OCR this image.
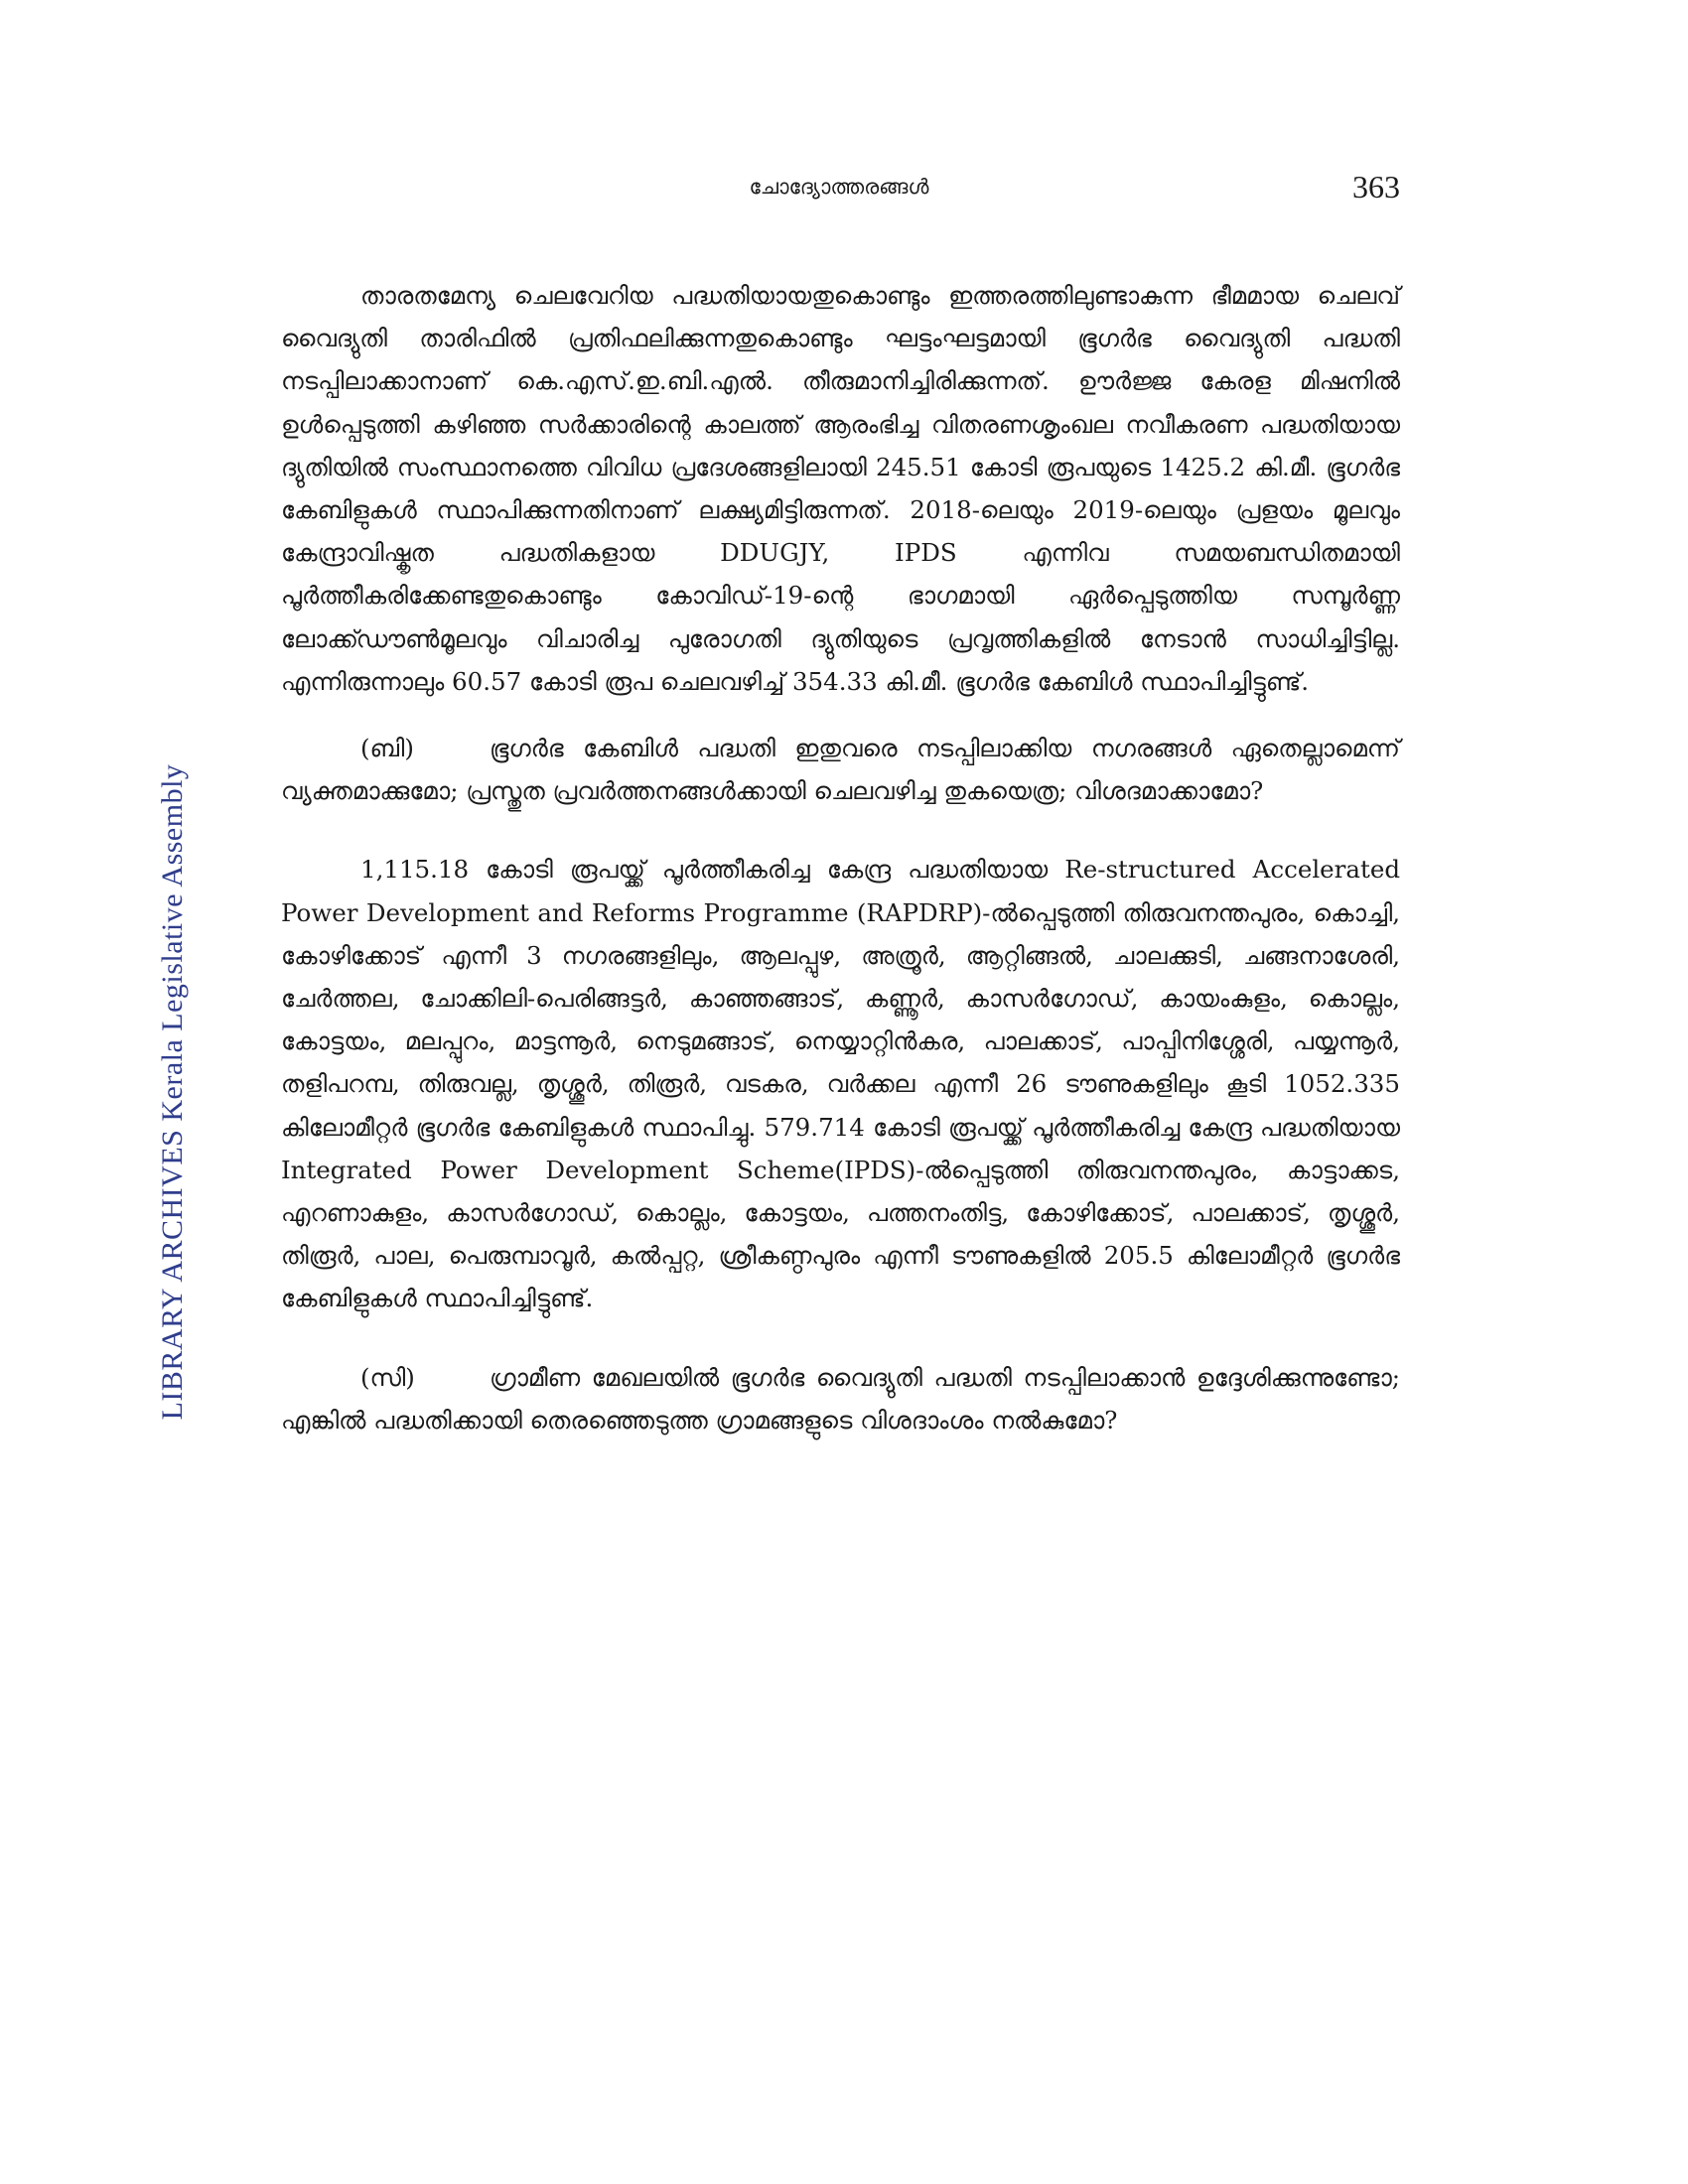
ചോദ്യോത്തരങ്ങൾ	363
LIBRARY ARCHIVES Kerala Legislative Assembly

താരതമേന്യ ചെലവേറിയ പദ്ധതിയായതുകൊണ്ടും ഇത്തരത്തിലുണ്ടാകുന്ന ഭീമമായ ചെലവ് വൈദ്യുതി താരിഫിൽ പ്രതിഫലിക്കുന്നതുകൊണ്ടും ഘട്ടംഘട്ടമായി ഭൂഗർഭ വൈദ്യുതി പദ്ധതി നടപ്പിലാക്കാനാണ് കെ.എസ്.ഇ.ബി.എൽ. തീരുമാനിച്ചിരിക്കുന്നത്. ഊർജ്ജ കേരള മിഷനിൽ ഉൾപ്പെടുത്തി കഴിഞ്ഞ സർക്കാരിന്റെ കാലത്ത് ആരംഭിച്ച വിതരണശൃംഖല നവീകരണ പദ്ധതിയായ ദ്യുതിയിൽ സംസ്ഥാനത്തെ വിവിധ പ്രദേശങ്ങളിലായി 245.51 കോടി രൂപയുടെ 1425.2 കി.മീ. ഭൂഗർഭ കേബിളുകൾ സ്ഥാപിക്കുന്നതിനാണ് ലക്ഷ്യമിട്ടിരുന്നത്. 2018-ലെയും 2019-ലെയും പ്രളയം മൂലവും കേന്ദ്രാവിഷ്കൃത പദ്ധതികളായ DDUGJY, IPDS എന്നിവ സമയബന്ധിതമായി പൂർത്തീകരിക്കേണ്ടതുകൊണ്ടും കോവിഡ്-19-ന്റെ ഭാഗമായി ഏർപ്പെടുത്തിയ സമ്പൂർണ്ണ ലോക്ക്ഡൗൺമൂലവും വിചാരിച്ച പുരോഗതി ദ്യുതിയുടെ പ്രവൃത്തികളിൽ നേടാൻ സാധിച്ചിട്ടില്ല. എന്നിരുന്നാലും 60.57 കോടി രൂപ ചെലവഴിച്ച് 354.33 കി.മീ. ഭൂഗർഭ കേബിൾ സ്ഥാപിച്ചിട്ടുണ്ട്.

(ബി)	ഭൂഗർഭ കേബിൾ പദ്ധതി ഇതുവരെ നടപ്പിലാക്കിയ നഗരങ്ങൾ ഏതെല്ലാമെന്ന് വ്യക്തമാക്കുമോ; പ്രസ്തുത പ്രവർത്തനങ്ങൾക്കായി ചെലവഴിച്ച തുകയെത്ര; വിശദമാക്കാമോ?

1,115.18 കോടി രൂപയ്ക്ക് പൂർത്തീകരിച്ച കേന്ദ്ര പദ്ധതിയായ Re-structured Accelerated Power Development and Reforms Programme (RAPDRP)-ൽപ്പെടുത്തി തിരുവനന്തപുരം, കൊച്ചി, കോഴിക്കോട് എന്നീ 3 നഗരങ്ങളിലും, ആലപ്പുഴ, അത്രൂർ, ആറ്റിങ്ങൽ, ചാലക്കുടി, ചങ്ങനാശേരി, ചേർത്തല, ചോക്കിലി-പെരിങ്ങട്ടർ, കാഞ്ഞങ്ങാട്, കണ്ണൂർ, കാസർഗോഡ്, കായംകുളം, കൊല്ലം, കോട്ടയം, മലപ്പുറം, മാട്ടന്നൂർ, നെടുമങ്ങാട്, നെയ്യാറ്റിൻകര, പാലക്കാട്, പാപ്പിനിശ്ശേരി, പയ്യന്നൂർ, തളിപറമ്പ, തിരുവല്ല, തൃശ്ശൂർ, തിരൂർ, വടകര, വർക്കല എന്നീ 26 ടൗണുകളിലും കൂടി 1052.335 കിലോമീറ്റർ ഭൂഗർഭ കേബിളുകൾ സ്ഥാപിച്ചു. 579.714 കോടി രൂപയ്ക്ക് പൂർത്തീകരിച്ച കേന്ദ്ര പദ്ധതിയായ Integrated Power Development Scheme(IPDS)-ൽപ്പെടുത്തി തിരുവനന്തപുരം, കാട്ടാക്കട, എറണാകുളം, കാസർഗോഡ്, കൊല്ലം, കോട്ടയം, പത്തനംതിട്ട, കോഴിക്കോട്, പാലക്കാട്, തൃശ്ശൂർ, തിരൂർ, പാല, പെരുമ്പാവൂർ, കൽപ്പറ്റ, ശ്രീകണ്ഠപുരം എന്നീ ടൗണുകളിൽ 205.5 കിലോമീറ്റർ ഭൂഗർഭ കേബിളുകൾ സ്ഥാപിച്ചിട്ടുണ്ട്.

(സി)	ഗ്രാമീണ മേഖലയിൽ ഭൂഗർഭ വൈദ്യുതി പദ്ധതി നടപ്പിലാക്കാൻ ഉദ്ദേശിക്കുന്നുണ്ടോ; എങ്കിൽ പദ്ധതിക്കായി തെരഞ്ഞെടുത്ത ഗ്രാമങ്ങളുടെ വിശദാംശം നൽകുമോ?
